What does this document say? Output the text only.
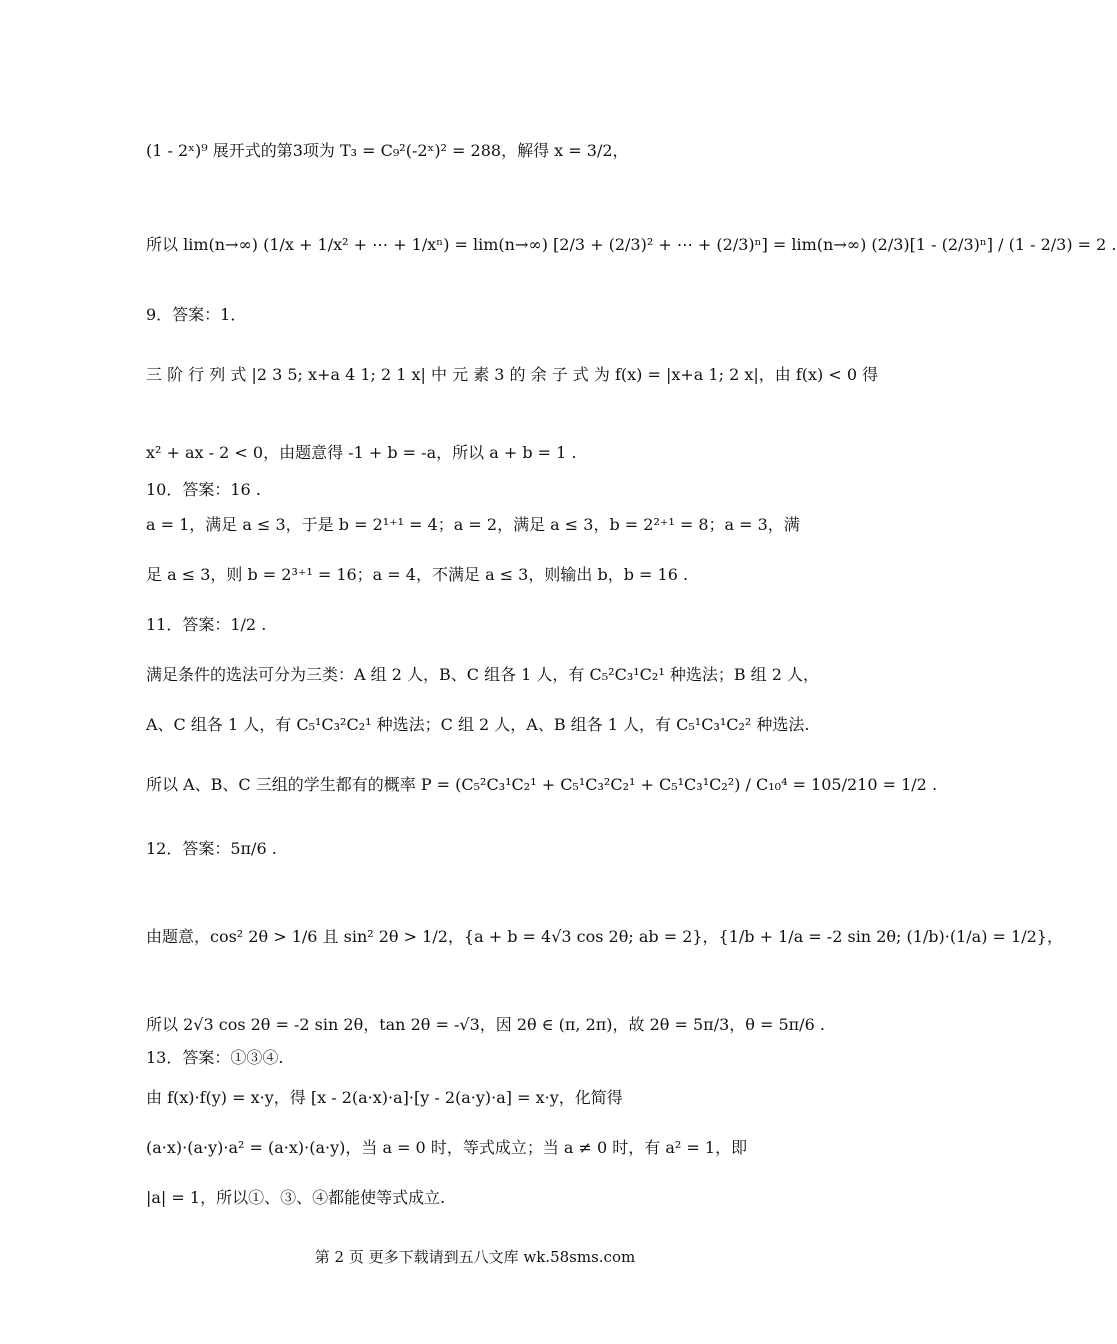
(1 - 2ˣ)⁹ 展开式的第3项为 T₃ = C₉²(-2ˣ)² = 288，解得 x = 3/2，
所以 lim(n→∞) (1/x + 1/x² + ⋯ + 1/xⁿ) = lim(n→∞) [2/3 + (2/3)² + ⋯ + (2/3)ⁿ] = lim(n→∞) (2/3)[1 - (2/3)ⁿ] / (1 - 2/3) = 2 .
9．答案：1．
三 阶 行 列 式 |2 3 5; x+a 4 1; 2 1 x| 中 元 素 3 的 余 子 式 为 f(x) = |x+a 1; 2 x|，由 f(x) < 0 得
x² + ax - 2 < 0，由题意得 -1 + b = -a，所以 a + b = 1 .
10．答案：16 .
a = 1，满足 a ≤ 3，于是 b = 2¹⁺¹ = 4；a = 2，满足 a ≤ 3，b = 2²⁺¹ = 8；a = 3，满
足 a ≤ 3，则 b = 2³⁺¹ = 16；a = 4，不满足 a ≤ 3，则输出 b，b = 16 .
11．答案：1/2 .
满足条件的选法可分为三类：A 组 2 人，B、C 组各 1 人，有 C₅²C₃¹C₂¹ 种选法；B 组 2 人，
A、C 组各 1 人，有 C₅¹C₃²C₂¹ 种选法；C 组 2 人，A、B 组各 1 人，有 C₅¹C₃¹C₂² 种选法.
所以 A、B、C 三组的学生都有的概率 P = (C₅²C₃¹C₂¹ + C₅¹C₃²C₂¹ + C₅¹C₃¹C₂²) / C₁₀⁴ = 105/210 = 1/2 .
12．答案：5π/6 .
由题意，cos² 2θ > 1/6 且 sin² 2θ > 1/2，{a + b = 4√3 cos 2θ; ab = 2}，{1/b + 1/a = -2 sin 2θ; (1/b)·(1/a) = 1/2}，
所以 2√3 cos 2θ = -2 sin 2θ，tan 2θ = -√3，因 2θ ∈ (π, 2π)，故 2θ = 5π/3，θ = 5π/6 .
13．答案：①③④.
由 f(x)·f(y) = x·y，得 [x - 2(a·x)·a]·[y - 2(a·y)·a] = x·y，化简得
(a·x)·(a·y)·a² = (a·x)·(a·y)，当 a = 0 时，等式成立；当 a ≠ 0 时，有 a² = 1，即
|a| = 1，所以①、③、④都能使等式成立.
第 2 页 更多下载请到五八文库 wk.58sms.com
